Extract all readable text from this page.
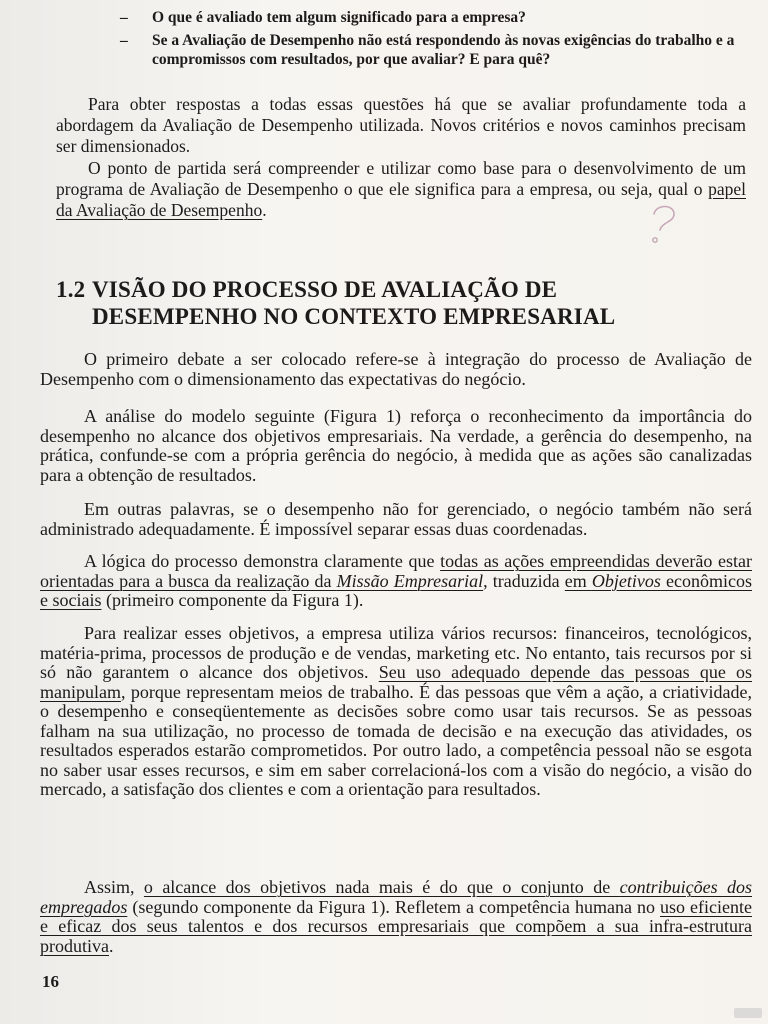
–	O que é avaliado tem algum significado para a empresa?
–	Se a Avaliação de Desempenho não está respondendo às novas exigências do trabalho e a compromissos com resultados, por que avaliar? E para quê?
Para obter respostas a todas essas questões há que se avaliar profundamente toda a abordagem da Avaliação de Desempenho utilizada. Novos critérios e novos caminhos precisam ser dimensionados.
O ponto de partida será compreender e utilizar como base para o desenvolvimento de um programa de Avaliação de Desempenho o que ele significa para a empresa, ou seja, qual o papel da Avaliação de Desempenho.
1.2 VISÃO DO PROCESSO DE AVALIAÇÃO DE
DESEMPENHO NO CONTEXTO EMPRESARIAL
O primeiro debate a ser colocado refere-se à integração do processo de Avaliação de Desempenho com o dimensionamento das expectativas do negócio.
A análise do modelo seguinte (Figura 1) reforça o reconhecimento da importância do desempenho no alcance dos objetivos empresariais. Na verdade, a gerência do desempenho, na prática, confunde-se com a própria gerência do negócio, à medida que as ações são canalizadas para a obtenção de resultados.
Em outras palavras, se o desempenho não for gerenciado, o negócio também não será administrado adequadamente. É impossível separar essas duas coordenadas.
A lógica do processo demonstra claramente que todas as ações empreendidas deverão estar orientadas para a busca da realização da Missão Empresarial, traduzida em Objetivos econômicos e sociais (primeiro componente da Figura 1).
Para realizar esses objetivos, a empresa utiliza vários recursos: financeiros, tecnológicos, matéria-prima, processos de produção e de vendas, marketing etc. No entanto, tais recursos por si só não garantem o alcance dos objetivos. Seu uso adequado depende das pessoas que os manipulam, porque representam meios de trabalho. É das pessoas que vêm a ação, a criatividade, o desempenho e conseqüentemente as decisões sobre como usar tais recursos. Se as pessoas falham na sua utilização, no processo de tomada de decisão e na execução das atividades, os resultados esperados estarão comprometidos. Por outro lado, a competência pessoal não se esgota no saber usar esses recursos, e sim em saber correlacioná-los com a visão do negócio, a visão do mercado, a satisfação dos clientes e com a orientação para resultados.
Assim, o alcance dos objetivos nada mais é do que o conjunto de contribuições dos empregados (segundo componente da Figura 1). Refletem a competência humana no uso eficiente e eficaz dos seus talentos e dos recursos empresariais que compõem a sua infra-estrutura produtiva.
16
